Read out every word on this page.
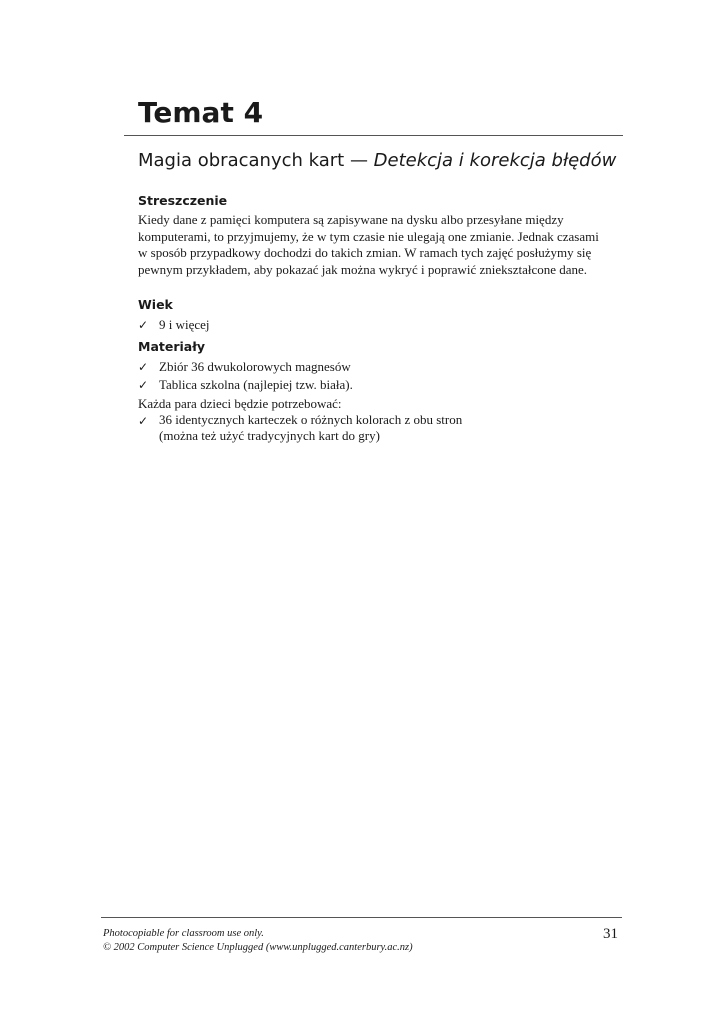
Temat 4
Magia obracanych kart — Detekcja i korekcja błędów
Streszczenie

Kiedy dane z pamięci komputera są zapisywane na dysku albo przesyłane między
komputerami, to przyjmujemy, że w tym czasie nie ulegają one zmianie. Jednak czasami
w sposób przypadkowy dochodzi do takich zmian. W ramach tych zajęć posłużymy się
pewnym przykładem, aby pokazać jak można wykryć i poprawić zniekształcone dane.

Wiek
✓ 9 i więcej
Materiały
✓ Zbiór 36 dwukolorowych magnesów
✓ Tablica szkolna (najlepiej tzw. biała).

Każda para dzieci będzie potrzebować:

✓ 36 identycznych karteczek o różnych kolorach z obu stron
(można też użyć tradycyjnych kart do gry)

Photocopiable for classroom use only.

© 2002 Computer Science Unplugged (www.unplugged.canterbury.ac.nz)

31
